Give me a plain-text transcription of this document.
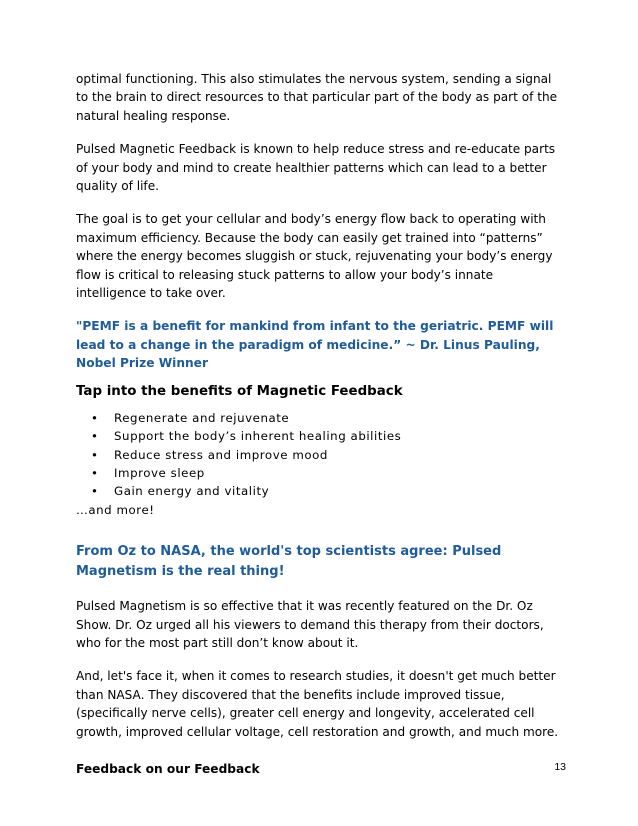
optimal functioning. This also stimulates the nervous system, sending a signal to the brain to direct resources to that particular part of the body as part of the natural healing response.

Pulsed Magnetic Feedback is known to help reduce stress and re-educate parts of your body and mind to create healthier patterns which can lead to a better quality of life.

The goal is to get your cellular and body’s energy flow back to operating with maximum efficiency. Because the body can easily get trained into “patterns” where the energy becomes sluggish or stuck, rejuvenating your body’s energy flow is critical to releasing stuck patterns to allow your body’s innate intelligence to take over.

"PEMF is a benefit for mankind from infant to the geriatric. PEMF will lead to a change in the paradigm of medicine.” ~ Dr. Linus Pauling, Nobel Prize Winner

Tap into the benefits of Magnetic Feedback
• Regenerate and rejuvenate
• Support the body’s inherent healing abilities
• Reduce stress and improve mood
• Improve sleep
• Gain energy and vitality
…and more!
From Oz to NASA, the world's top scientists agree: Pulsed Magnetism is the real thing!

Pulsed Magnetism is so effective that it was recently featured on the Dr. Oz Show. Dr. Oz urged all his viewers to demand this therapy from their doctors, who for the most part still don’t know about it.

And, let's face it, when it comes to research studies, it doesn't get much better than NASA. They discovered that the benefits include improved tissue, (specifically nerve cells), greater cell energy and longevity, accelerated cell growth, improved cellular voltage, cell restoration and growth, and much more.

Feedback on our Feedback	13
